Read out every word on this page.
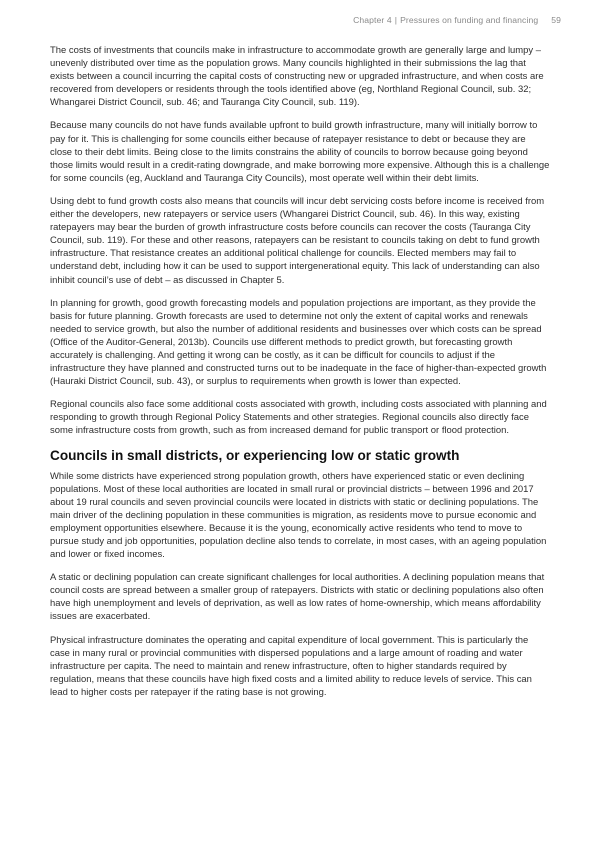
Chapter 4 | Pressures on funding and financing 59

The costs of investments that councils make in infrastructure to accommodate growth are generally large and lumpy – unevenly distributed over time as the population grows. Many councils highlighted in their submissions the lag that exists between a council incurring the capital costs of constructing new or upgraded infrastructure, and when costs are recovered from developers or residents through the tools identified above (eg, Northland Regional Council, sub. 32; Whangarei District Council, sub. 46; and Tauranga City Council, sub. 119).

Because many councils do not have funds available upfront to build growth infrastructure, many will initially borrow to pay for it. This is challenging for some councils either because of ratepayer resistance to debt or because they are close to their debt limits. Being close to the limits constrains the ability of councils to borrow because going beyond those limits would result in a credit-rating downgrade, and make borrowing more expensive. Although this is a challenge for some councils (eg, Auckland and Tauranga City Councils), most operate well within their debt limits.

Using debt to fund growth costs also means that councils will incur debt servicing costs before income is received from either the developers, new ratepayers or service users (Whangarei District Council, sub. 46). In this way, existing ratepayers may bear the burden of growth infrastructure costs before councils can recover the costs (Tauranga City Council, sub. 119). For these and other reasons, ratepayers can be resistant to councils taking on debt to fund growth infrastructure. That resistance creates an additional political challenge for councils. Elected members may fail to understand debt, including how it can be used to support intergenerational equity. This lack of understanding can also inhibit council’s use of debt – as discussed in Chapter 5.

In planning for growth, good growth forecasting models and population projections are important, as they provide the basis for future planning. Growth forecasts are used to determine not only the extent of capital works and renewals needed to service growth, but also the number of additional residents and businesses over which costs can be spread (Office of the Auditor-General, 2013b). Councils use different methods to predict growth, but forecasting growth accurately is challenging. And getting it wrong can be costly, as it can be difficult for councils to adjust if the infrastructure they have planned and constructed turns out to be inadequate in the face of higher-than-expected growth (Hauraki District Council, sub. 43), or surplus to requirements when growth is lower than expected.

Regional councils also face some additional costs associated with growth, including costs associated with planning and responding to growth through Regional Policy Statements and other strategies. Regional councils also directly face some infrastructure costs from growth, such as from increased demand for public transport or flood protection.

Councils in small districts, or experiencing low or static growth

While some districts have experienced strong population growth, others have experienced static or even declining populations. Most of these local authorities are located in small rural or provincial districts – between 1996 and 2017 about 19 rural councils and seven provincial councils were located in districts with static or declining populations. The main driver of the declining population in these communities is migration, as residents move to pursue economic and employment opportunities elsewhere. Because it is the young, economically active residents who tend to move to pursue study and job opportunities, population decline also tends to correlate, in most cases, with an ageing population and lower or fixed incomes.

A static or declining population can create significant challenges for local authorities. A declining population means that council costs are spread between a smaller group of ratepayers. Districts with static or declining populations also often have high unemployment and levels of deprivation, as well as low rates of home-ownership, which means affordability issues are exacerbated.

Physical infrastructure dominates the operating and capital expenditure of local government. This is particularly the case in many rural or provincial communities with dispersed populations and a large amount of roading and water infrastructure per capita. The need to maintain and renew infrastructure, often to higher standards required by regulation, means that these councils have high fixed costs and a limited ability to reduce levels of service. This can lead to higher costs per ratepayer if the rating base is not growing.
